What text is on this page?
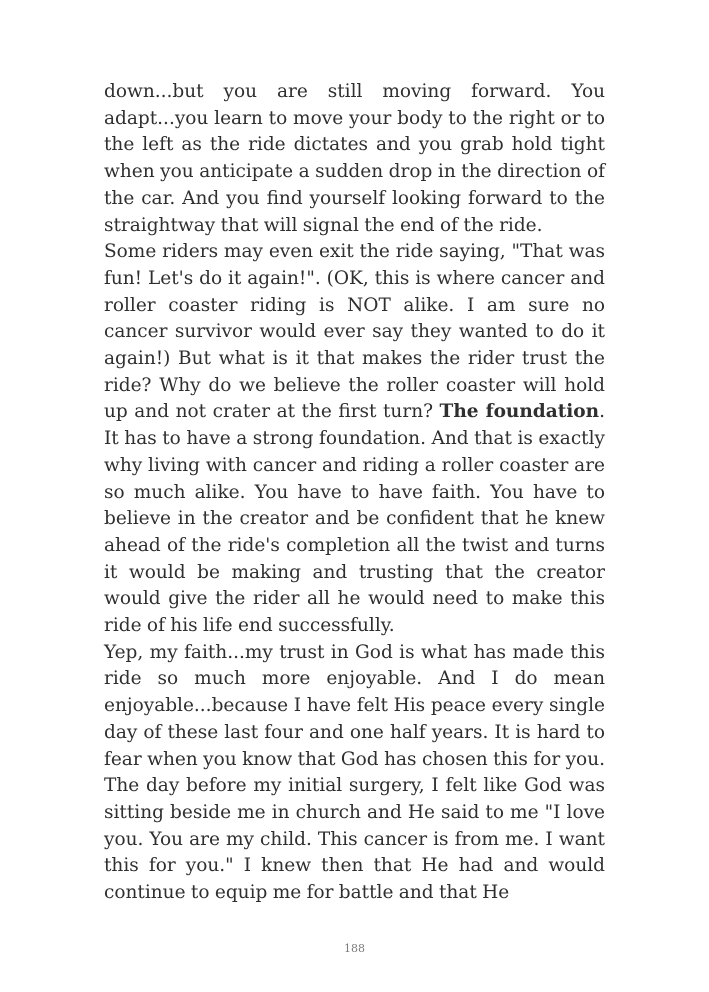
down...but you are still moving forward. You adapt...you learn to move your body to the right or to the left as the ride dictates and you grab hold tight when you anticipate a sudden drop in the direction of the car. And you find yourself looking forward to the straightway that will signal the end of the ride.

Some riders may even exit the ride saying, "That was fun! Let's do it again!". (OK, this is where cancer and roller coaster riding is NOT alike. I am sure no cancer survivor would ever say they wanted to do it again!) But what is it that makes the rider trust the ride? Why do we believe the roller coaster will hold up and not crater at the first turn? The foundation. It has to have a strong foundation. And that is exactly why living with cancer and riding a roller coaster are so much alike. You have to have faith. You have to believe in the creator and be confident that he knew ahead of the ride's completion all the twist and turns it would be making and trusting that the creator would give the rider all he would need to make this ride of his life end successfully.

Yep, my faith...my trust in God is what has made this ride so much more enjoyable. And I do mean enjoyable...because I have felt His peace every single day of these last four and one half years. It is hard to fear when you know that God has chosen this for you. The day before my initial surgery, I felt like God was sitting beside me in church and He said to me "I love you. You are my child. This cancer is from me. I want this for you." I knew then that He had and would continue to equip me for battle and that He

188
